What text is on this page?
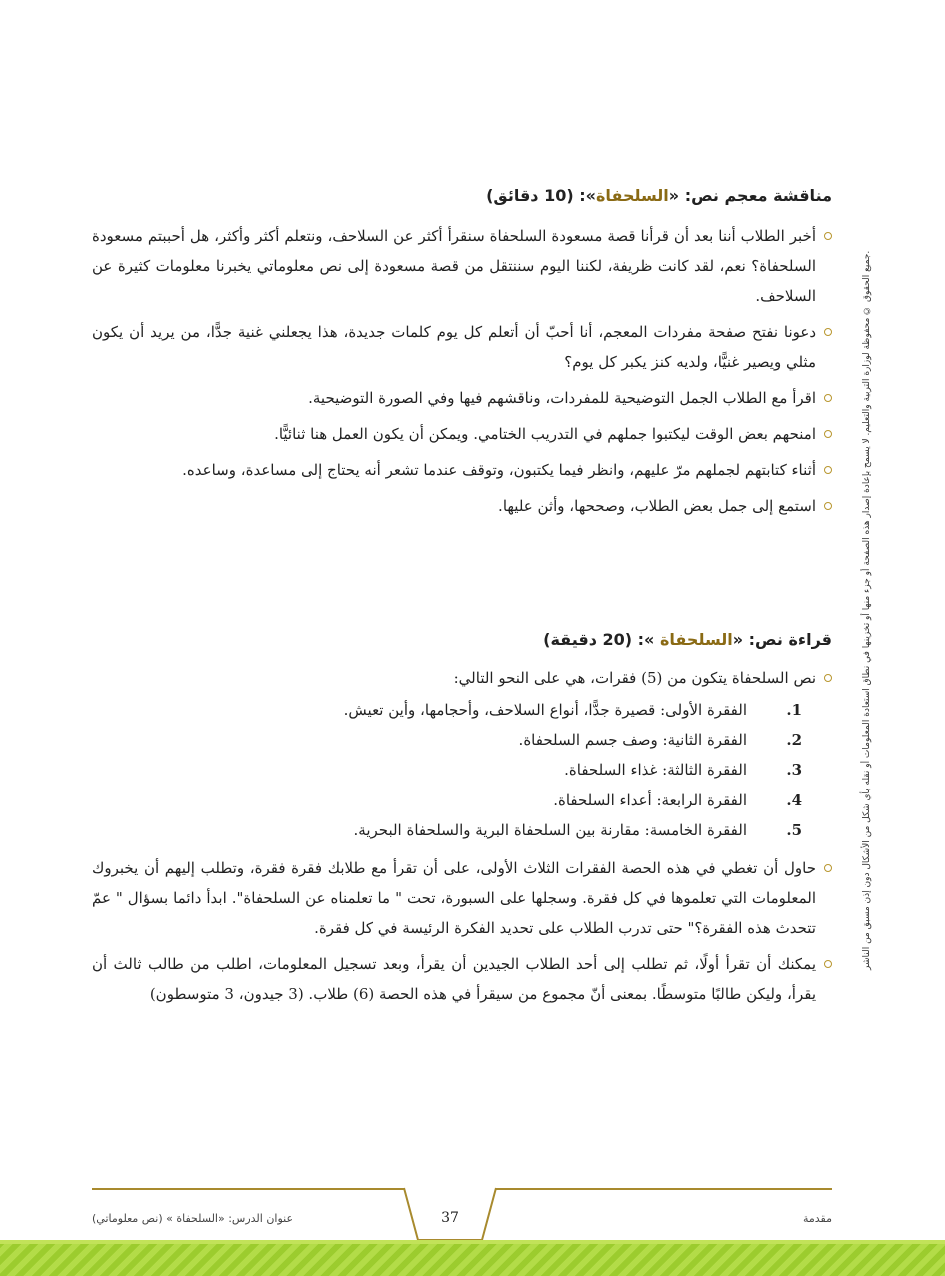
جميع الحقوق © محفوظة لوزارة التربية والتعليم. لا يسمح بإعادة إصدار هذه الصفحة أو جزء منها أو تخزينها في نطاق استعادة المعلومات أو نقله بأي شكل من الأشكال دون إذن مسبق من الناشر.
مناقشة معجم نص: «السلحفاة»: (10 دقائق)
أخبر الطلاب أننا بعد أن قرأنا قصة مسعودة السلحفاة سنقرأ أكثر عن السلاحف، ونتعلم أكثر وأكثر، هل أحببتم مسعودة السلحفاة؟ نعم، لقد كانت ظريفة، لكننا اليوم سننتقل من قصة مسعودة إلى نص معلوماتي يخبرنا معلومات كثيرة عن السلاحف.
دعونا نفتح صفحة مفردات المعجم، أنا أحبّ أن أتعلم كل يوم كلمات جديدة، هذا يجعلني غنية جدًّا، من يريد أن يكون مثلي ويصير غنيًّا، ولديه كنز يكبر كل يوم؟
اقرأ مع الطلاب الجمل التوضيحية للمفردات، وناقشهم فيها وفي الصورة التوضيحية.
امنحهم بعض الوقت ليكتبوا جملهم في التدريب الختامي. ويمكن أن يكون العمل هنا ثنائيًّا.
أثناء كتابتهم لجملهم مرّ عليهم، وانظر فيما يكتبون، وتوقف عندما تشعر أنه يحتاج إلى مساعدة، وساعده.
استمع إلى جمل بعض الطلاب، وصححها، وأثن عليها.
قراءة نص: «السلحفاة »: (20 دقيقة)
نص السلحفاة يتكون من (5) فقرات، هي على النحو التالي:
1.الفقرة الأولى: قصيرة جدًّا، أنواع السلاحف، وأحجامها، وأين تعيش.
2.الفقرة الثانية: وصف جسم السلحفاة.
3.الفقرة الثالثة: غذاء السلحفاة.
4.الفقرة الرابعة: أعداء السلحفاة.
5.الفقرة الخامسة: مقارنة بين السلحفاة البرية والسلحفاة البحرية.
حاول أن تغطي في هذه الحصة الفقرات الثلاث الأولى، على أن تقرأ مع طلابك فقرة فقرة، وتطلب إليهم أن يخبروك المعلومات التي تعلموها في كل فقرة. وسجلها على السبورة، تحت " ما تعلمناه عن السلحفاة". ابدأ دائما بسؤال " عمّ تتحدث هذه الفقرة؟" حتى تدرب الطلاب على تحديد الفكرة الرئيسة في كل فقرة.
يمكنك أن تقرأ أولًا، ثم تطلب إلى أحد الطلاب الجيدين أن يقرأ، وبعد تسجيل المعلومات، اطلب من طالب ثالث أن يقرأ، وليكن طالبًا متوسطًا. بمعنى أنّ مجموع من سيقرأ في هذه الحصة (6) طلاب. (3 جيدون، 3 متوسطون)
37
عنوان الدرس: «السلحفاة » (نص معلوماتي)	مقدمة
